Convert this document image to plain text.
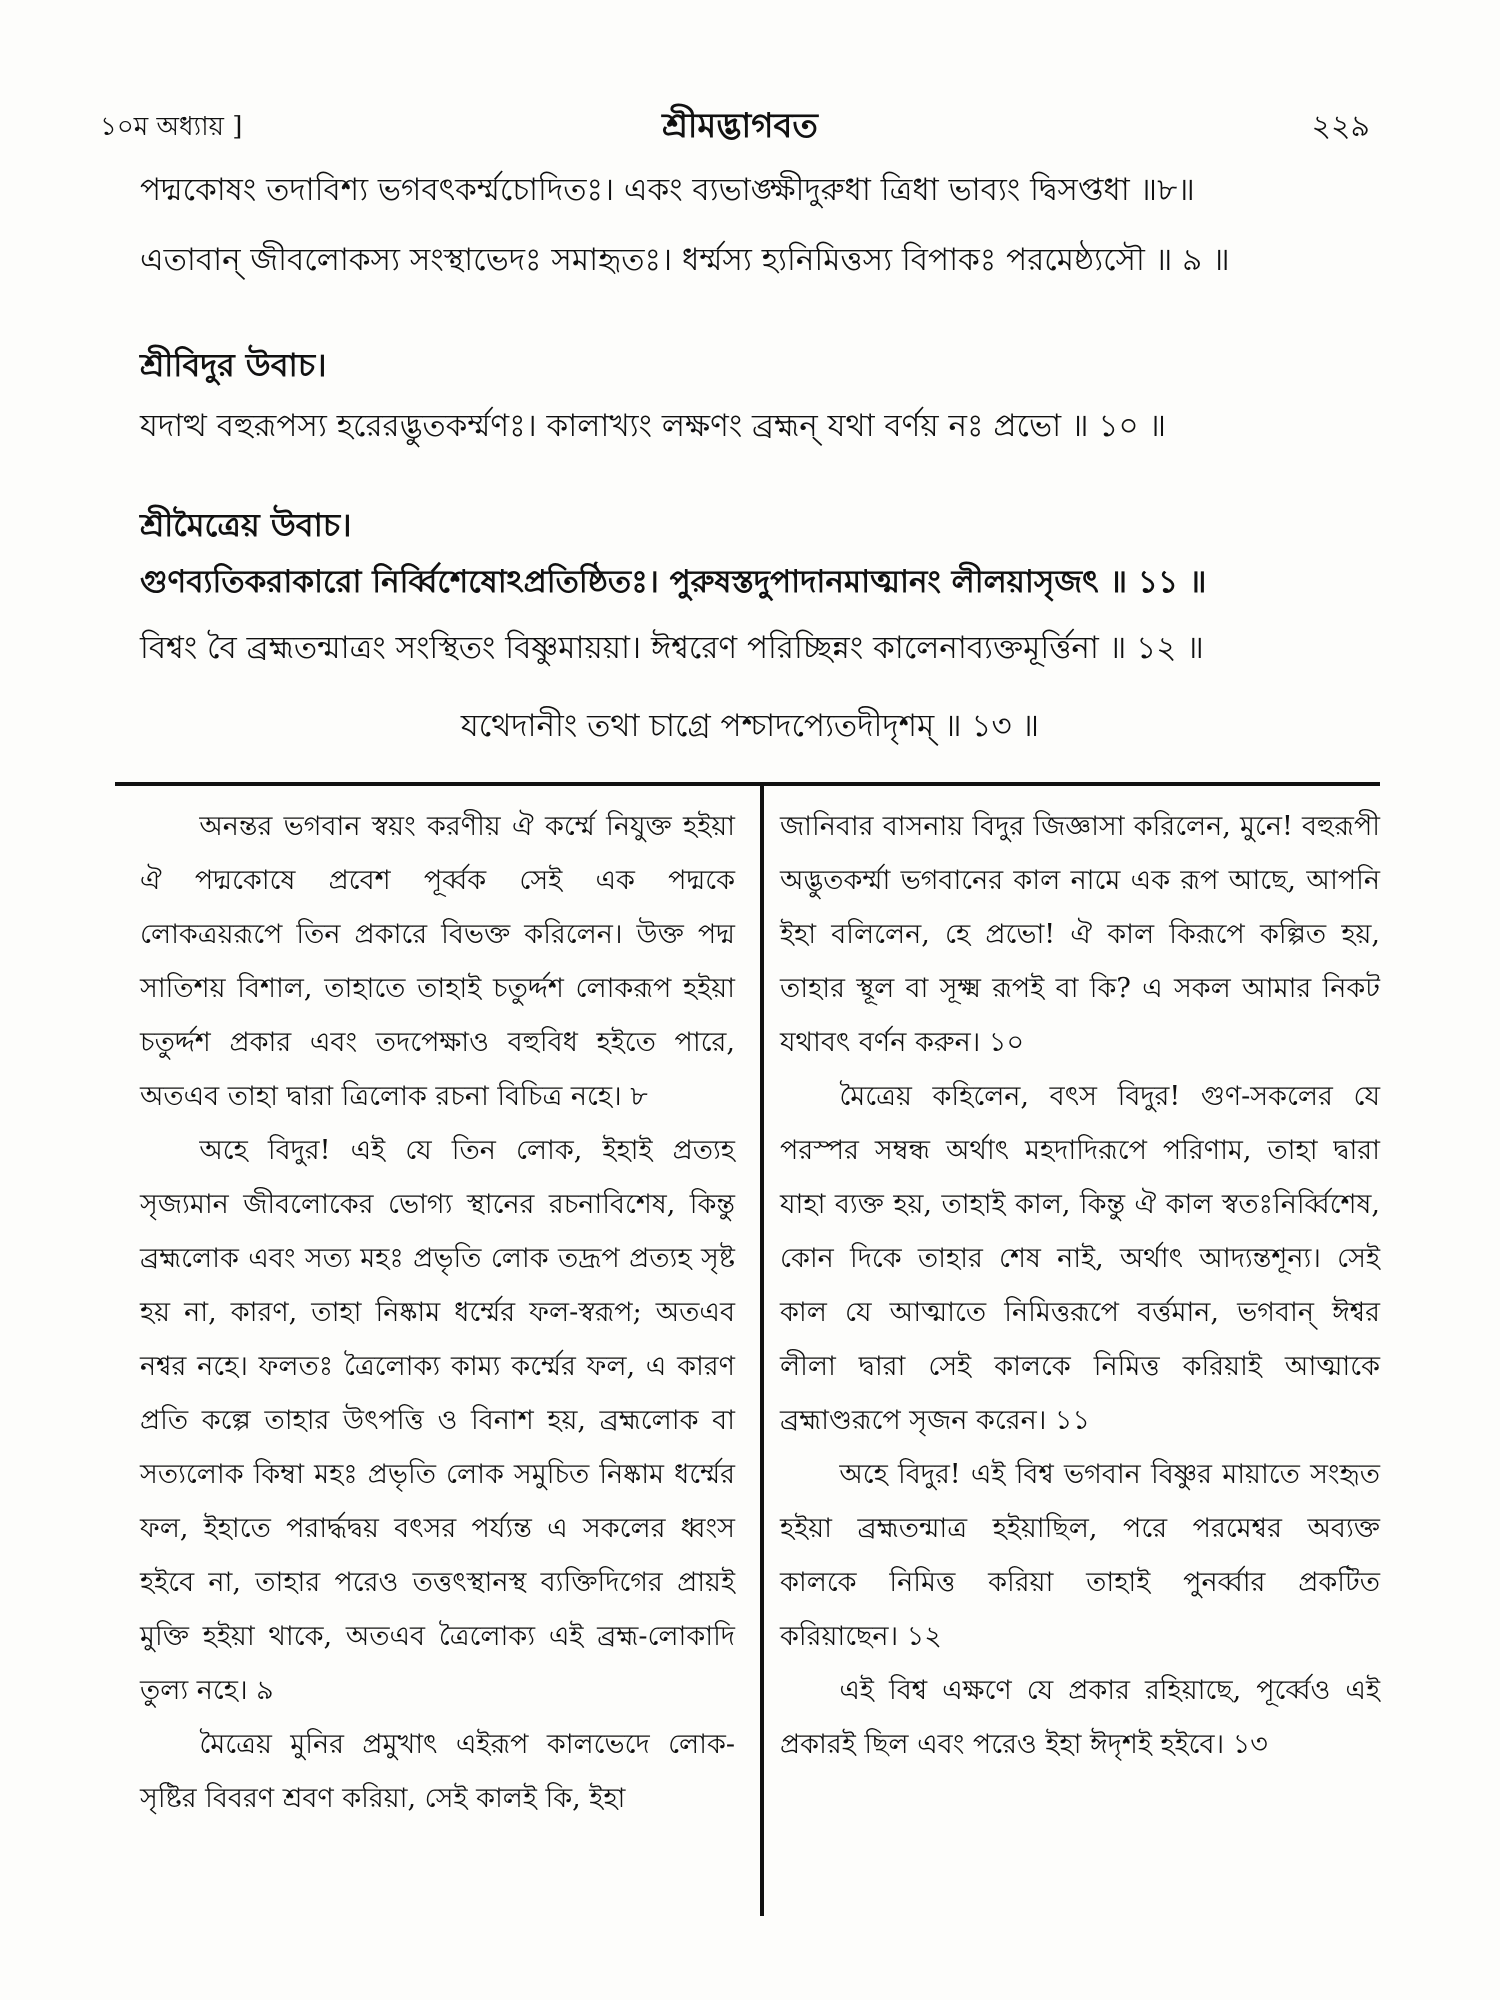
১০ম অধ্যায় ]	শ্রীমদ্ভাগবত	২২৯
পদ্মকোষং তদাবিশ্য ভগবৎকর্ম্মচোদিতঃ। একং ব্যভাঙ্ক্ষীদুরুধা ত্রিধা ভাব্যং দ্বিসপ্তধা ॥৮॥
এতাবান্ জীবলোকস্য সংস্থাভেদঃ সমাহৃতঃ। ধর্ম্মস্য হ্যনিমিত্তস্য বিপাকঃ পরমেষ্ঠ্যসৌ ॥ ৯ ॥
শ্রীবিদুর উবাচ।
যদাত্থ বহুরূপস্য হরেরদ্ভুতকর্ম্মণঃ। কালাখ্যং লক্ষণং ব্রহ্মন্ যথা বর্ণয় নঃ প্রভো ॥ ১০ ॥
শ্রীমৈত্রেয় উবাচ।
গুণব্যতিকরাকারো নির্ব্বিশেষোঽপ্রতিষ্ঠিতঃ। পুরুষস্তদুপাদানমাত্মানং লীলয়াসৃজৎ ॥ ১১ ॥
বিশ্বং বৈ ব্রহ্মতন্মাত্রং সংস্থিতং বিষ্ণুমায়য়া। ঈশ্বরেণ পরিচ্ছিন্নং কালেনাব্যক্তমূর্ত্তিনা ॥ ১২ ॥
যথেদানীং তথা চাগ্রে পশ্চাদপ্যেতদীদৃশম্ ॥ ১৩ ॥

অনন্তর ভগবান স্বয়ং করণীয় ঐ কর্ম্মে নিযুক্ত হইয়া ঐ পদ্মকোষে প্রবেশ পূর্ব্বক সেই এক পদ্মকে লোকত্রয়রূপে তিন প্রকারে বিভক্ত করিলেন। উক্ত পদ্ম সাতিশয় বিশাল, তাহাতে তাহাই চতুর্দ্দশ লোকরূপ হইয়া চতুর্দ্দশ প্রকার এবং তদপেক্ষাও বহুবিধ হইতে পারে, অতএব তাহা দ্বারা ত্রিলোক রচনা বিচিত্র নহে। ৮

অহে বিদুর! এই যে তিন লোক, ইহাই প্রত্যহ সৃজ্যমান জীবলোকের ভোগ্য স্থানের রচনাবিশেষ, কিন্তু ব্রহ্মলোক এবং সত্য মহঃ প্রভৃতি লোক তদ্রূপ প্রত্যহ সৃষ্ট হয় না, কারণ, তাহা নিষ্কাম ধর্ম্মের ফল-স্বরূপ; অতএব নশ্বর নহে। ফলতঃ ত্রৈলোক্য কাম্য কর্ম্মের ফল, এ কারণ প্রতি কল্পে তাহার উৎপত্তি ও বিনাশ হয়, ব্রহ্মলোক বা সত্যলোক কিম্বা মহঃ প্রভৃতি লোক সমুচিত নিষ্কাম ধর্ম্মের ফল, ইহাতে পরার্দ্ধদ্বয় বৎসর পর্য্যন্ত এ সকলের ধ্বংস হইবে না, তাহার পরেও তত্তৎস্থানস্থ ব্যক্তিদিগের প্রায়ই মুক্তি হইয়া থাকে, অতএব ত্রৈলোক্য এই ব্রহ্ম-লোকাদি তুল্য নহে। ৯

মৈত্রেয় মুনির প্রমুখাৎ এইরূপ কালভেদে লোক-সৃষ্টির বিবরণ শ্রবণ করিয়া, সেই কালই কি, ইহা

জানিবার বাসনায় বিদুর জিজ্ঞাসা করিলেন, মুনে! বহুরূপী অদ্ভুতকর্ম্মা ভগবানের কাল নামে এক রূপ আছে, আপনি ইহা বলিলেন, হে প্রভো! ঐ কাল কিরূপে কল্পিত হয়, তাহার স্থূল বা সূক্ষ্ম রূপই বা কি? এ সকল আমার নিকট যথাবৎ বর্ণন করুন। ১০

মৈত্রেয় কহিলেন, বৎস বিদুর! গুণ-সকলের যে পরস্পর সম্বন্ধ অর্থাৎ মহদাদিরূপে পরিণাম, তাহা দ্বারা যাহা ব্যক্ত হয়, তাহাই কাল, কিন্তু ঐ কাল স্বতঃনির্ব্বিশেষ, কোন দিকে তাহার শেষ নাই, অর্থাৎ আদ্যন্তশূন্য। সেই কাল যে আত্মাতে নিমিত্তরূপে বর্ত্তমান, ভগবান্ ঈশ্বর লীলা দ্বারা সেই কালকে নিমিত্ত করিয়াই আত্মাকে ব্রহ্মাণ্ডরূপে সৃজন করেন। ১১

অহে বিদুর! এই বিশ্ব ভগবান বিষ্ণুর মায়াতে সংহৃত হইয়া ব্রহ্মতন্মাত্র হইয়াছিল, পরে পরমেশ্বর অব্যক্ত কালকে নিমিত্ত করিয়া তাহাই পুনর্ব্বার প্রকটিত করিয়াছেন। ১২

এই বিশ্ব এক্ষণে যে প্রকার রহিয়াছে, পূর্ব্বেও এই প্রকারই ছিল এবং পরেও ইহা ঈদৃশই হইবে। ১৩
